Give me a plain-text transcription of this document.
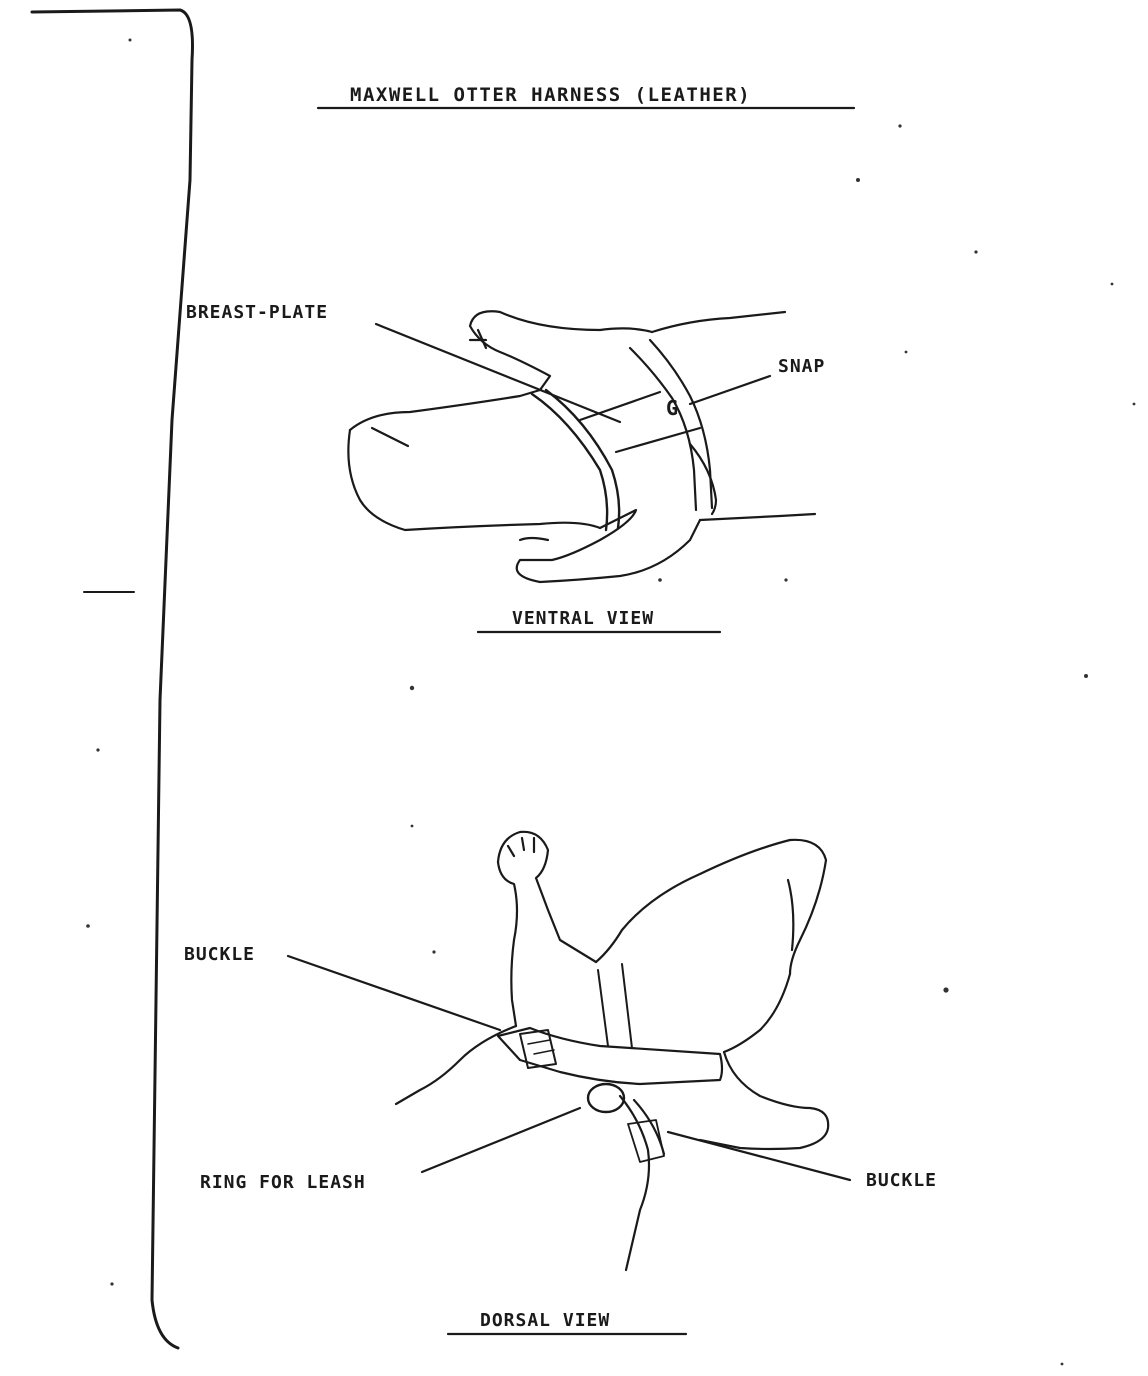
MAXWELL OTTER HARNESS (LEATHER)
BREAST-PLATE
SNAP
G
VENTRAL VIEW
BUCKLE
RING FOR LEASH	BUCKLE
DORSAL VIEW
